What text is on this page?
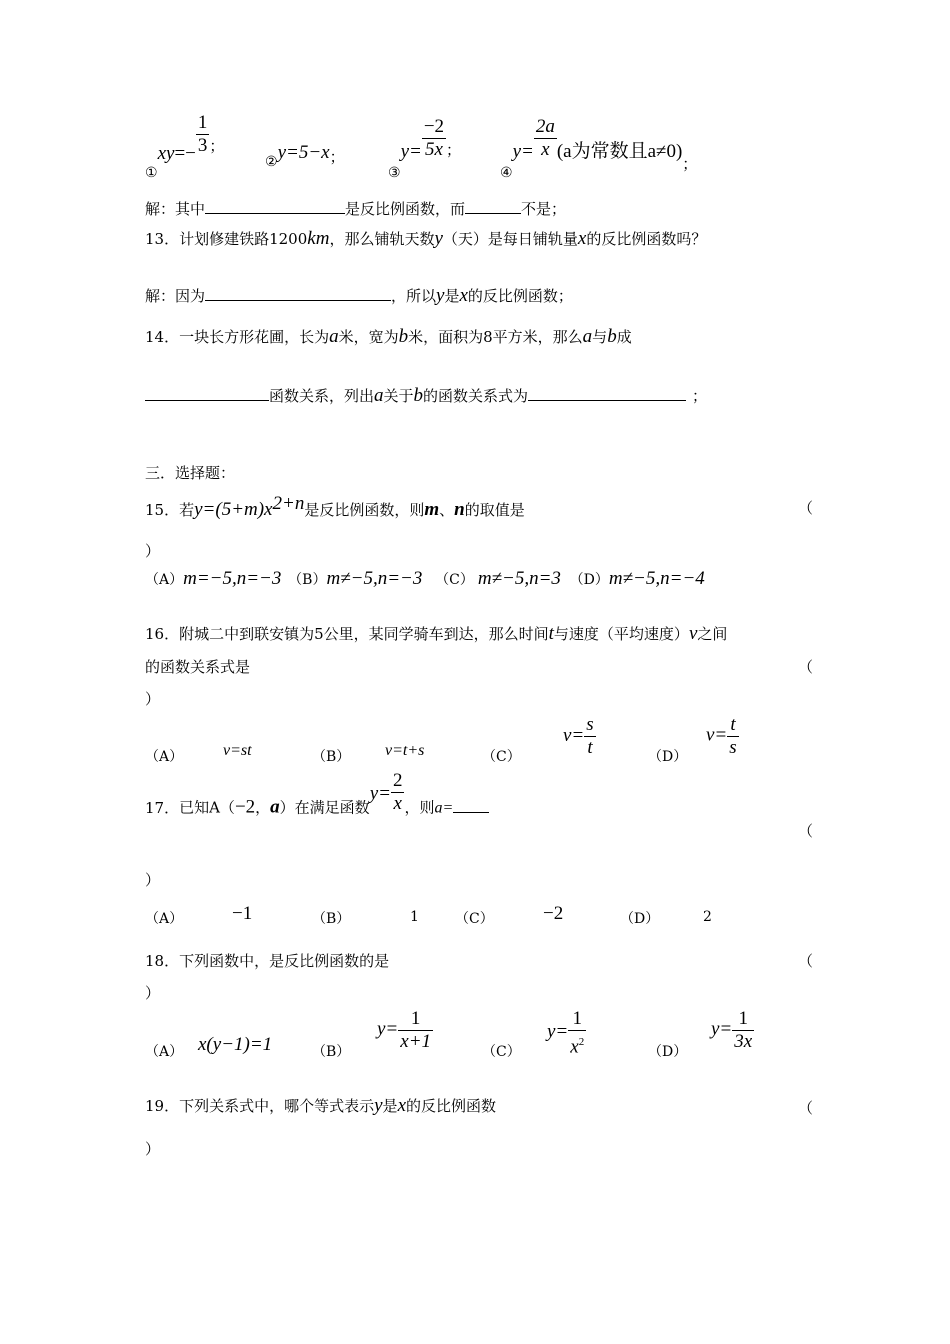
①xy=− $\frac{1}{3}$ ；
②y=5−x；
③y= $\frac{-2}{5x}$ ；
④y= $\frac{2a}{x} (a$为常数且a≠0)；
解：其中	是反比例函数，而	不是；
13．计划修建铁路1200km，那么铺轨天数y（天）是每日铺轨量x的反比例函数吗？
解：因为	，所以y是x的反比例函数；
14．一块长方形花圃，长为a米，宽为b米，面积为8平方米，那么a与b成
函数关系，列出a关于b的函数关系式为	；
三．选择题：
15．若$y=(5+m)x^{2+n}$是反比例函数，则m、n的取值是	（
）
（A）m=−5,n=−3 （B）m≠−5,n=−3 （C） m≠−5,n=3 （D）m≠−5,n=−4
16．附城二中到联安镇为5公里，某同学骑车到达，那么时间t与速度（平均速度）v之间
的函数关系式是	（
）
（A） v=st	（B） v=t+s	（C）
$v= \frac{s}{t}$	（D）
$v= \frac{t}{s}$
17．已知A（−2，a）在满足函数$y= \frac{2}{x}$ ，则a=
（
）
（A）	−1	（B）	1	（C）	−2	（D）	2
18．下列函数中，是反比例函数的是	（
）
（A） x(y−1)=1	（B）
$y= \frac{1}{x+1}$	（C）
$y= \frac{1}{x^2}$	（D）
$y= \frac{1}{3x}$
19．下列关系式中，哪个等式表示y是x的反比例函数	（
）
